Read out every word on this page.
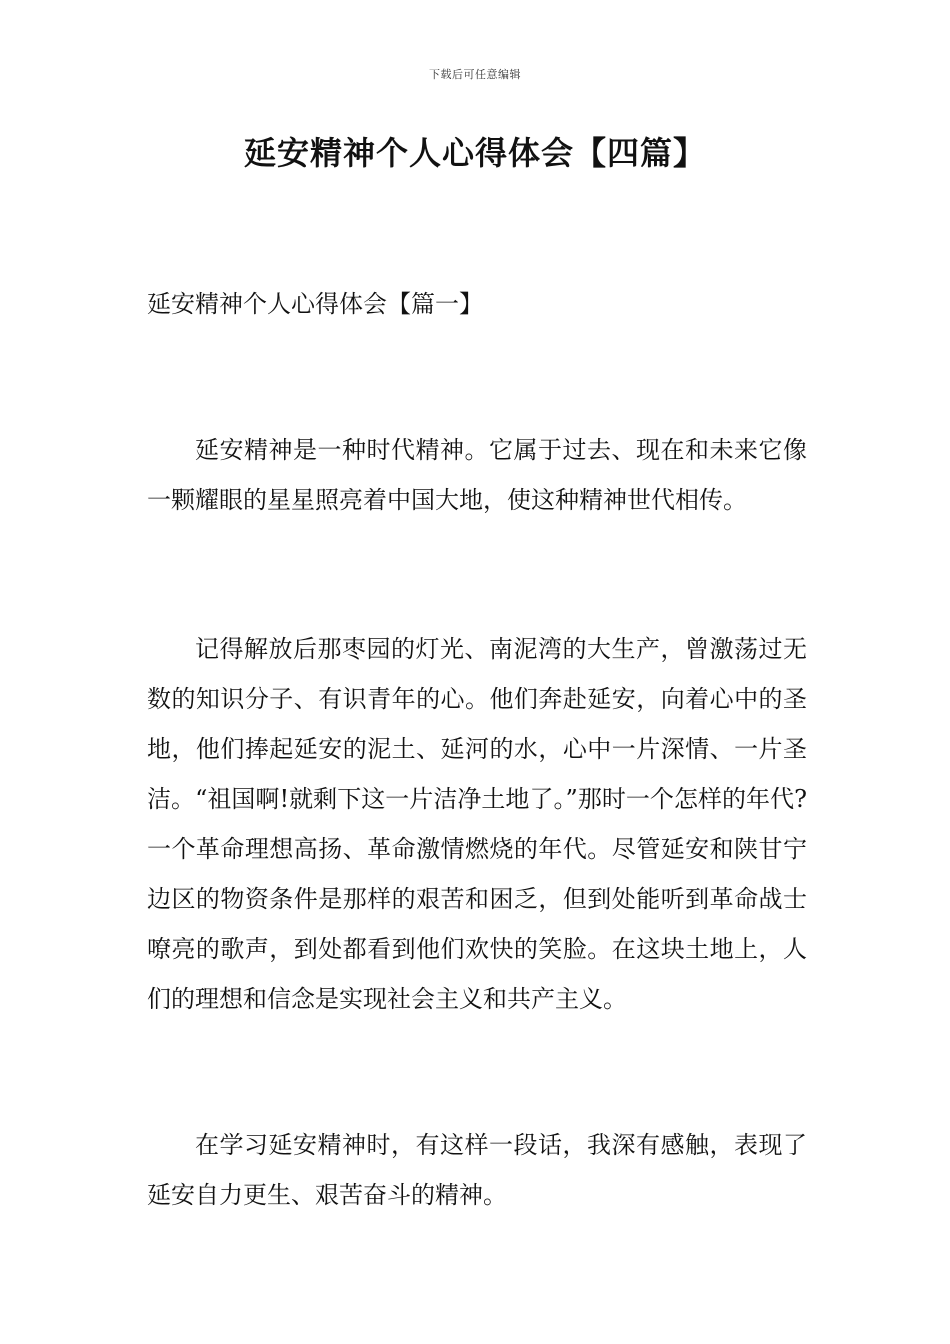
下载后可任意编辑
延安精神个人心得体会【四篇】
延安精神个人心得体会【篇一】

延安精神是一种时代精神。它属于过去、现在和未来它像一颗耀眼的星星照亮着中国大地，使这种精神世代相传。

记得解放后那枣园的灯光、南泥湾的大生产，曾激荡过无数的知识分子、有识青年的心。他们奔赴延安，向着心中的圣地，他们捧起延安的泥土、延河的水，心中一片深情、一片圣洁。“祖国啊!就剩下这一片洁净土地了。”那时一个怎样的年代?一个革命理想高扬、革命激情燃烧的年代。尽管延安和陕甘宁边区的物资条件是那样的艰苦和困乏，但到处能听到革命战士嘹亮的歌声，到处都看到他们欢快的笑脸。在这块土地上，人们的理想和信念是实现社会主义和共产主义。

在学习延安精神时，有这样一段话，我深有感触，表现了延安自力更生、艰苦奋斗的精神。
